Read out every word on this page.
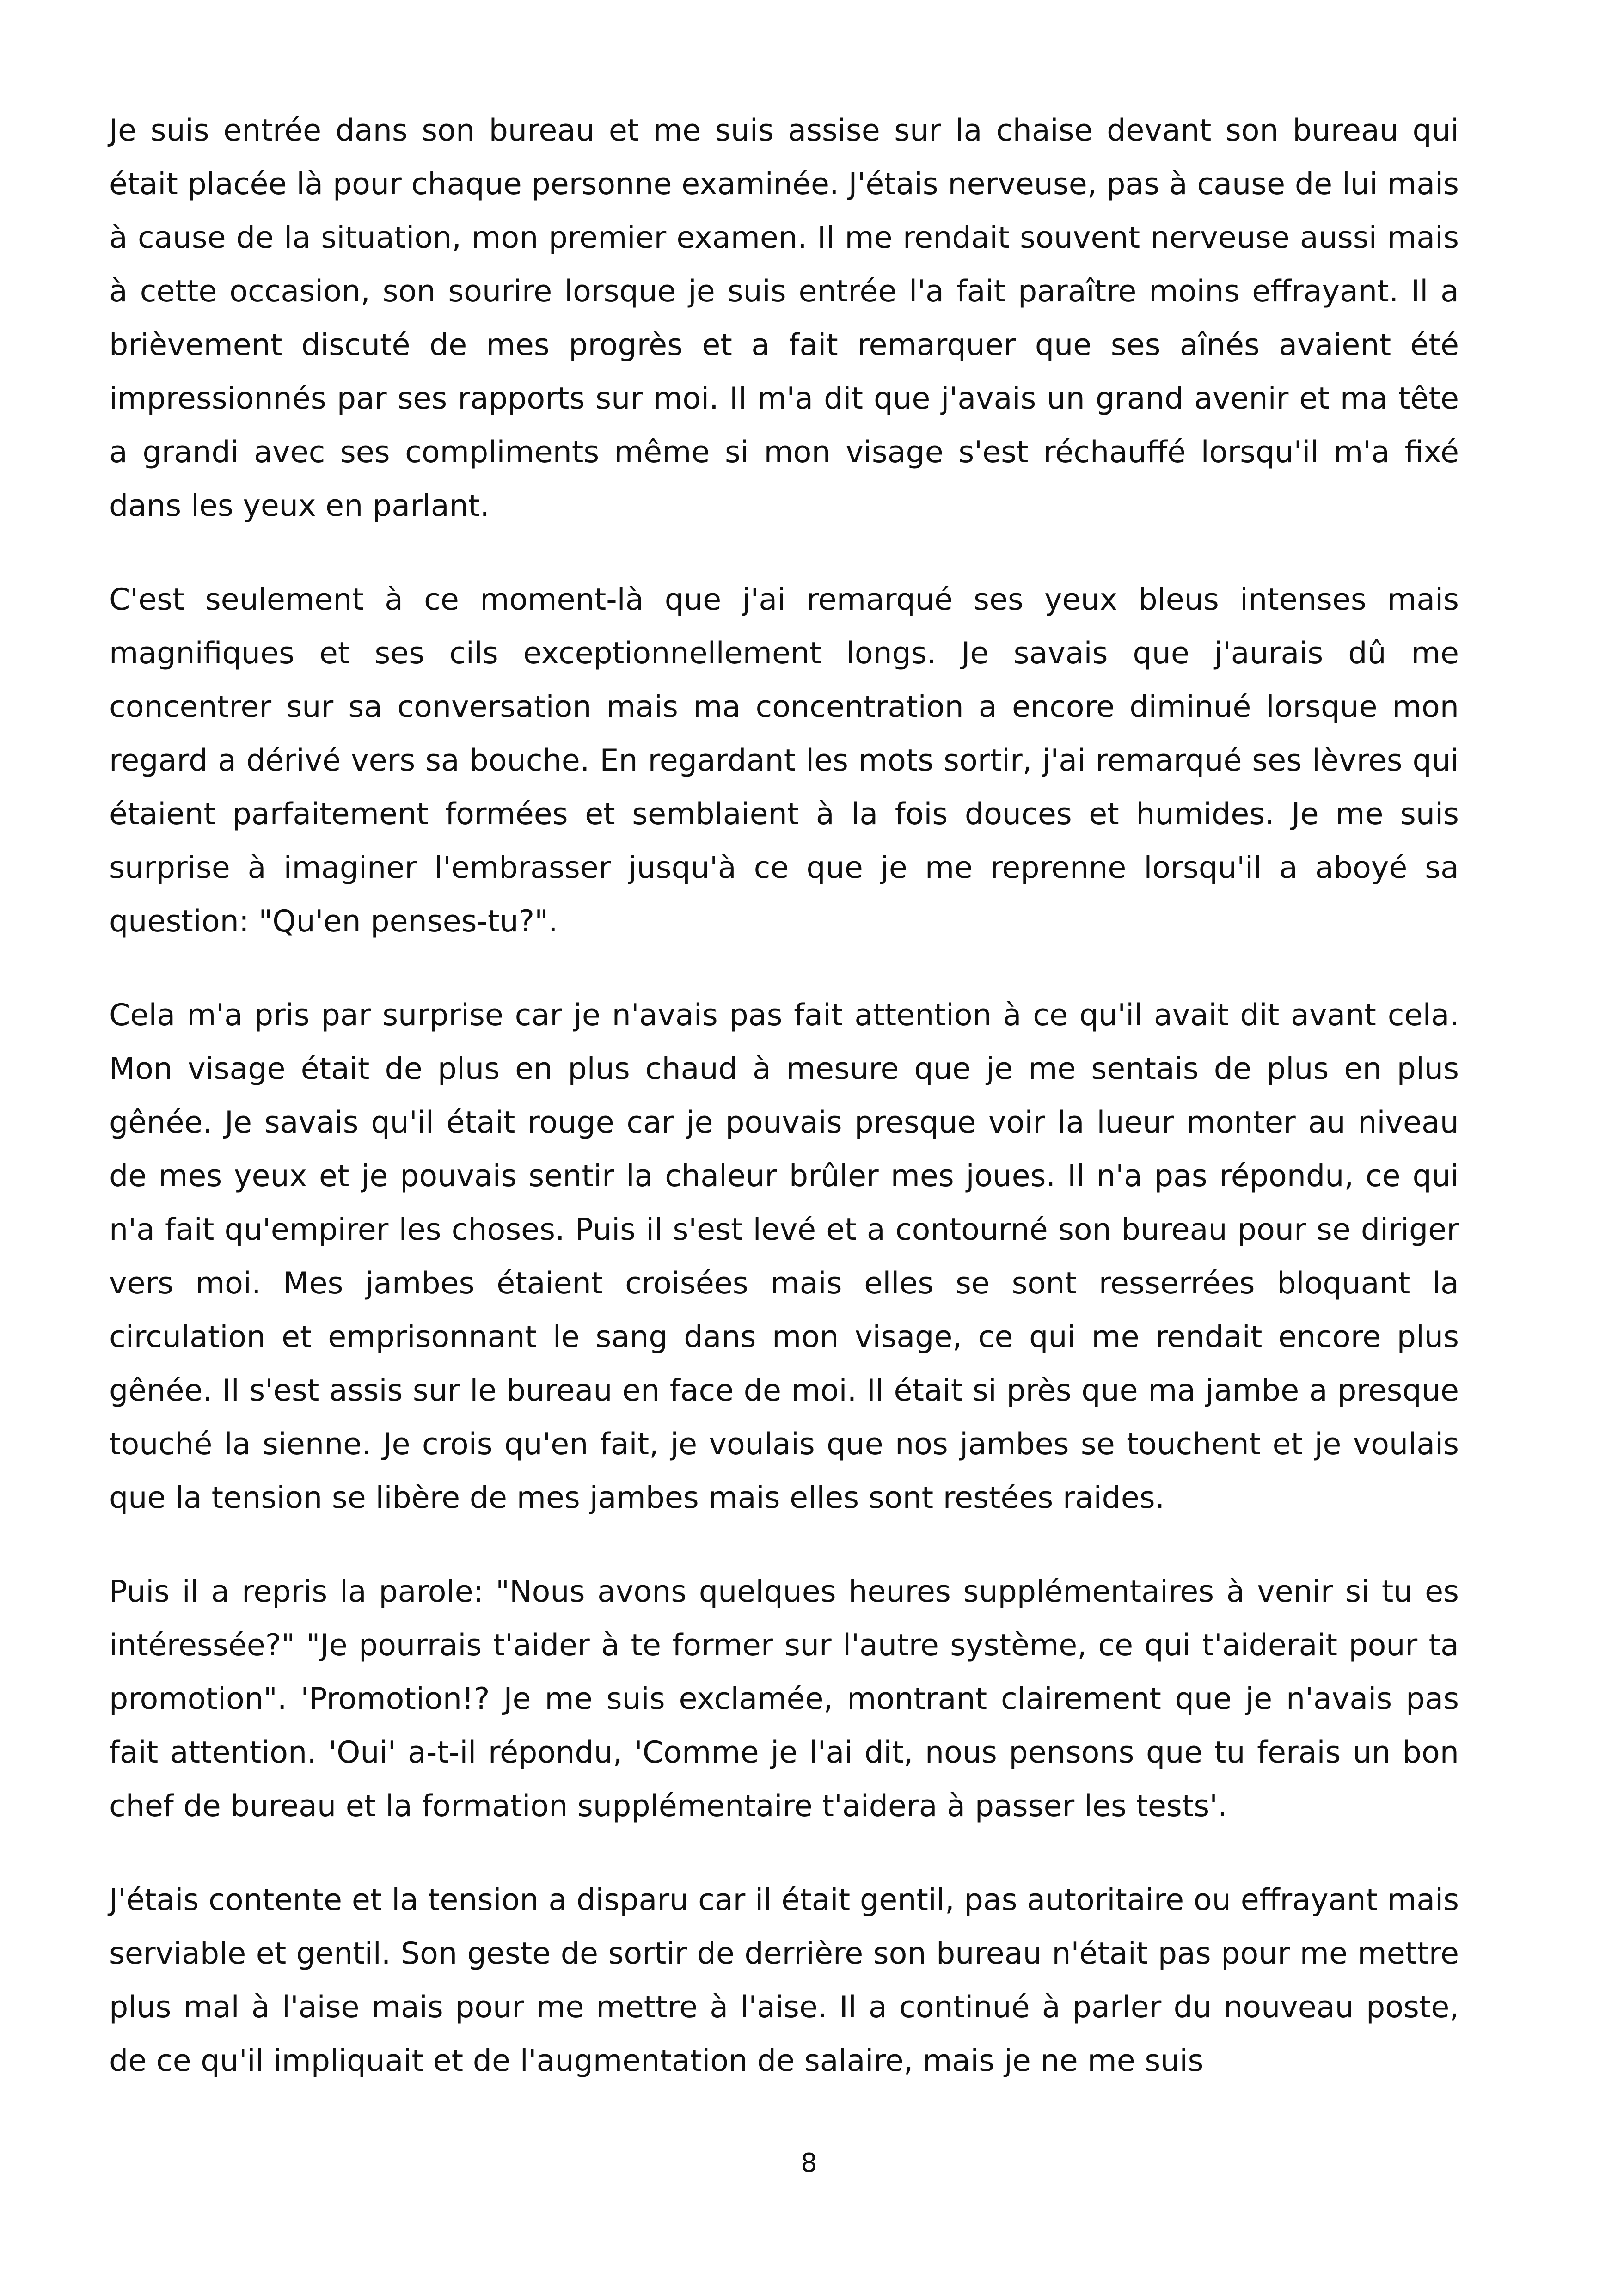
Je suis entrée dans son bureau et me suis assise sur la chaise devant son bureau qui était placée là pour chaque personne examinée. J'étais nerveuse, pas à cause de lui mais à cause de la situation, mon premier examen. Il me rendait souvent nerveuse aussi mais à cette occasion, son sourire lorsque je suis entrée l'a fait paraître moins effrayant. Il a brièvement discuté de mes progrès et a fait remarquer que ses aînés avaient été impressionnés par ses rapports sur moi. Il m'a dit que j'avais un grand avenir et ma tête a grandi avec ses compliments même si mon visage s'est réchauffé lorsqu'il m'a fixé dans les yeux en parlant.

C'est seulement à ce moment-là que j'ai remarqué ses yeux bleus intenses mais magnifiques et ses cils exceptionnellement longs. Je savais que j'aurais dû me concentrer sur sa conversation mais ma concentration a encore diminué lorsque mon regard a dérivé vers sa bouche. En regardant les mots sortir, j'ai remarqué ses lèvres qui étaient parfaitement formées et semblaient à la fois douces et humides. Je me suis surprise à imaginer l'embrasser jusqu'à ce que je me reprenne lorsqu'il a aboyé sa question: "Qu'en penses-tu?".

Cela m'a pris par surprise car je n'avais pas fait attention à ce qu'il avait dit avant cela. Mon visage était de plus en plus chaud à mesure que je me sentais de plus en plus gênée. Je savais qu'il était rouge car je pouvais presque voir la lueur monter au niveau de mes yeux et je pouvais sentir la chaleur brûler mes joues. Il n'a pas répondu, ce qui n'a fait qu'empirer les choses. Puis il s'est levé et a contourné son bureau pour se diriger vers moi. Mes jambes étaient croisées mais elles se sont resserrées bloquant la circulation et emprisonnant le sang dans mon visage, ce qui me rendait encore plus gênée. Il s'est assis sur le bureau en face de moi. Il était si près que ma jambe a presque touché la sienne. Je crois qu'en fait, je voulais que nos jambes se touchent et je voulais que la tension se libère de mes jambes mais elles sont restées raides.

Puis il a repris la parole: "Nous avons quelques heures supplémentaires à venir si tu es intéressée?" "Je pourrais t'aider à te former sur l'autre système, ce qui t'aiderait pour ta promotion". 'Promotion!? Je me suis exclamée, montrant clairement que je n'avais pas fait attention. 'Oui' a-t-il répondu, 'Comme je l'ai dit, nous pensons que tu ferais un bon chef de bureau et la formation supplémentaire t'aidera à passer les tests'.

J'étais contente et la tension a disparu car il était gentil, pas autoritaire ou effrayant mais serviable et gentil. Son geste de sortir de derrière son bureau n'était pas pour me mettre plus mal à l'aise mais pour me mettre à l'aise. Il a continué à parler du nouveau poste, de ce qu'il impliquait et de l'augmentation de salaire, mais je ne me suis

8
